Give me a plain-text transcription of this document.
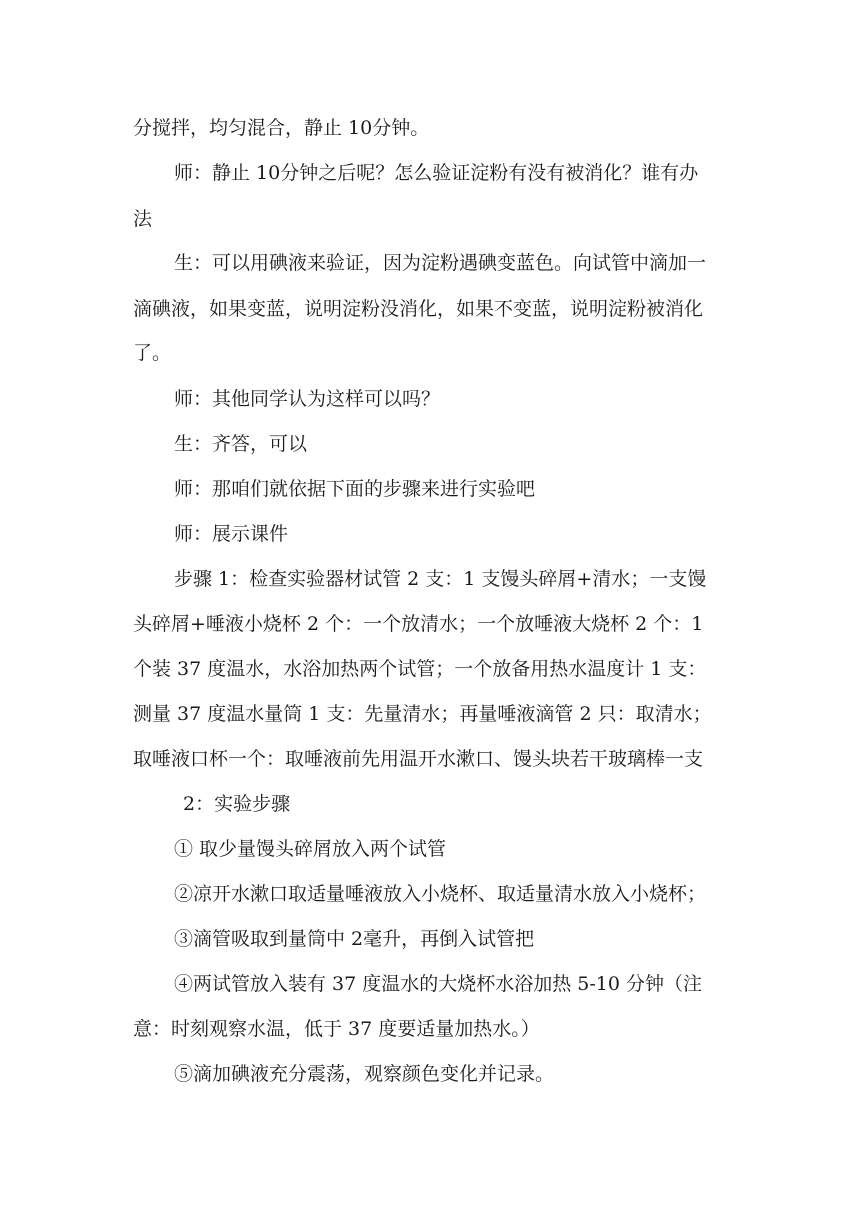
分搅拌，均匀混合，静止 10分钟。
师：静止 10分钟之后呢？怎么验证淀粉有没有被消化？谁有办
法
生：可以用碘液来验证，因为淀粉遇碘变蓝色。向试管中滴加一
滴碘液，如果变蓝，说明淀粉没消化，如果不变蓝，说明淀粉被消化
了。
师：其他同学认为这样可以吗？
生：齐答，可以
师：那咱们就依据下面的步骤来进行实验吧
师：展示课件
步骤 1：检查实验器材试管 2 支：1 支馒头碎屑+清水；一支馒
头碎屑+唾液小烧杯 2 个：一个放清水；一个放唾液大烧杯 2 个：1
个装 37 度温水，水浴加热两个试管；一个放备用热水温度计 1 支：
测量 37 度温水量筒 1 支：先量清水；再量唾液滴管 2 只：取清水；
取唾液口杯一个：取唾液前先用温开水漱口、馒头块若干玻璃棒一支
2：实验步骤
① 取少量馒头碎屑放入两个试管
②凉开水漱口取适量唾液放入小烧杯、取适量清水放入小烧杯；
③滴管吸取到量筒中 2毫升，再倒入试管把
④两试管放入装有 37 度温水的大烧杯水浴加热 5-10 分钟（注
意：时刻观察水温，低于 37 度要适量加热水。）
⑤滴加碘液充分震荡，观察颜色变化并记录。
